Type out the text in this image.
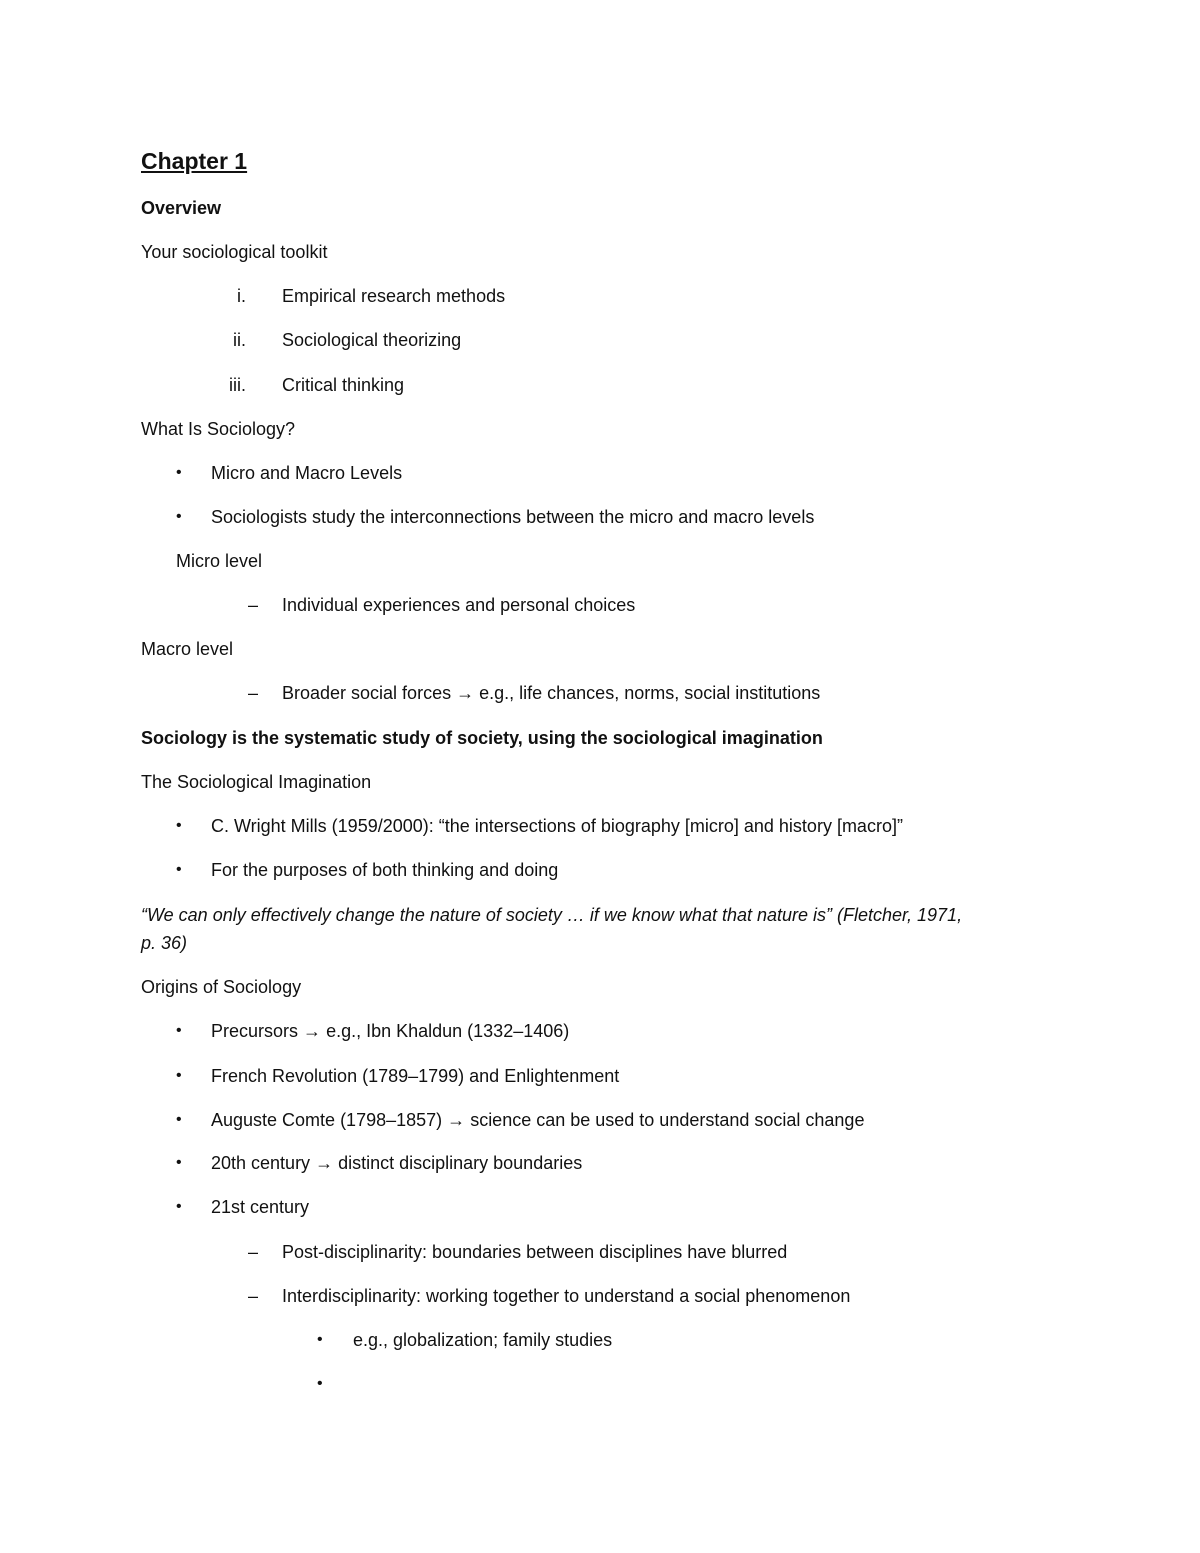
Chapter 1
Overview
Your sociological toolkit
i. Empirical research methods
ii. Sociological theorizing
iii. Critical thinking
What Is Sociology?
• Micro and Macro Levels
• Sociologists study the interconnections between the micro and macro levels
Micro level
– Individual experiences and personal choices
Macro level
– Broader social forces → e.g., life chances, norms, social institutions
Sociology is the systematic study of society, using the sociological imagination
The Sociological Imagination
• C. Wright Mills (1959/2000): “the intersections of biography [micro] and history [macro]”
• For the purposes of both thinking and doing
“We can only effectively change the nature of society … if we know what that nature is” (Fletcher, 1971,
p. 36)
Origins of Sociology
• Precursors → e.g., Ibn Khaldun (1332–1406)
• French Revolution (1789–1799) and Enlightenment
• Auguste Comte (1798–1857) → science can be used to understand social change
• 20th century → distinct disciplinary boundaries
• 21st century
– Post-disciplinarity: boundaries between disciplines have blurred
– Interdisciplinarity: working together to understand a social phenomenon
• e.g., globalization; family studies
•
